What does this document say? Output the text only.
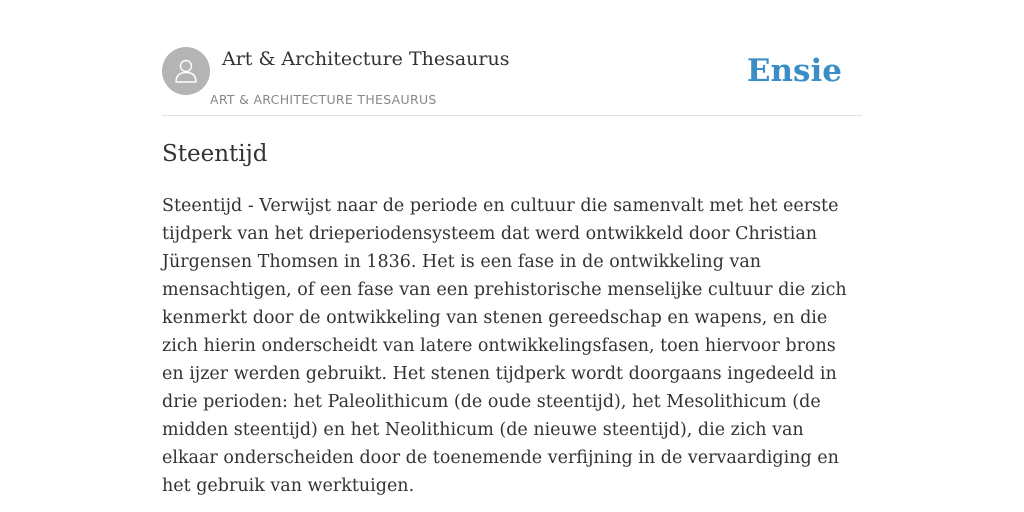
Art & Architecture Thesaurus
ART & ARCHITECTURE THESAURUS
Ensie
Steentijd

Steentijd - Verwijst naar de periode en cultuur die samenvalt met het eerste tijdperk van het drieperiodensysteem dat werd ontwikkeld door Christian Jürgensen Thomsen in 1836. Het is een fase in de ontwikkeling van mensachtigen, of een fase van een prehistorische menselijke cultuur die zich kenmerkt door de ontwikkeling van stenen gereedschap en wapens, en die zich hierin onderscheidt van latere ontwikkelingsfasen, toen hiervoor brons en ijzer werden gebruikt. Het stenen tijdperk wordt doorgaans ingedeeld in drie perioden: het Paleolithicum (de oude steentijd), het Mesolithicum (de midden steentijd) en het Neolithicum (de nieuwe steentijd), die zich van elkaar onderscheiden door de toenemende verfijning in de vervaardiging en het gebruik van werktuigen.
